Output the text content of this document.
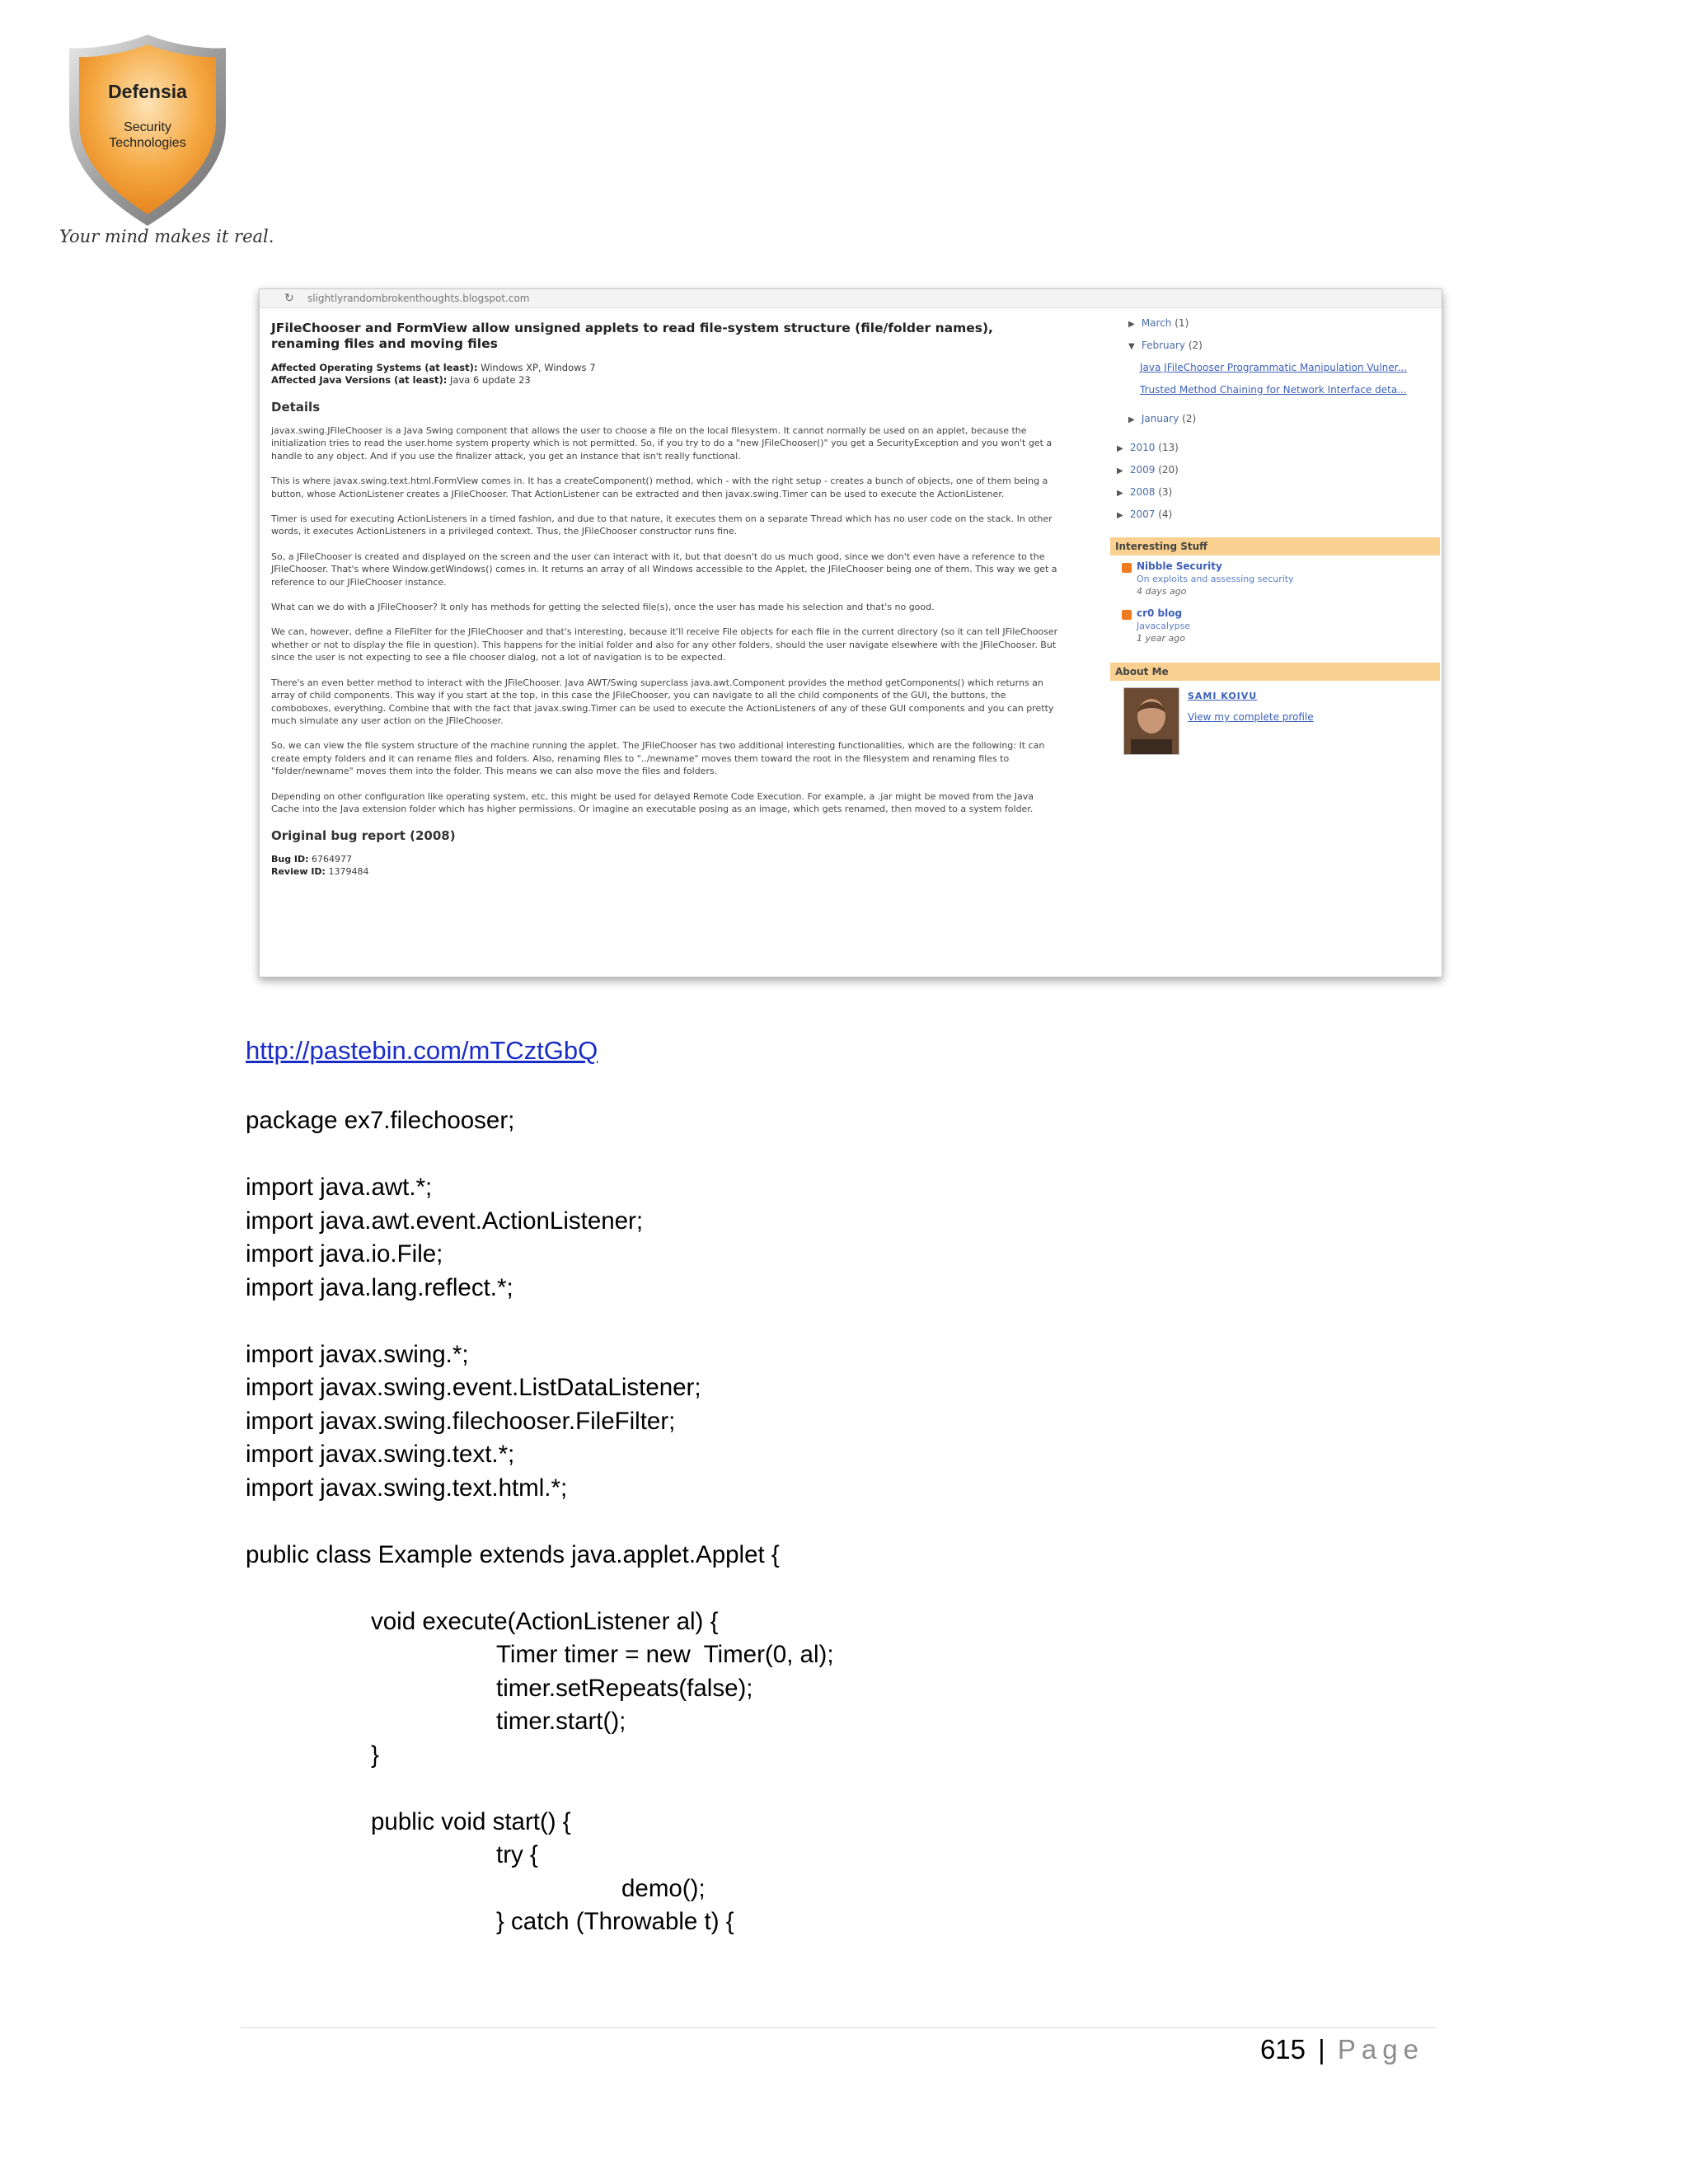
Defensia
Security
Technologies
Your mind makes it real.
↻ slightlyrandombrokenthoughts.blogspot.com

JFileChooser and FormView allow unsigned applets to read file-system structure (file/folder names), renaming files and moving files

Affected Operating Systems (at least): Windows XP, Windows 7
Affected Java Versions (at least): Java 6 update 23
Details

javax.swing.JFileChooser is a Java Swing component that allows the user to choose a file on the local filesystem. It cannot normally be used on an applet, because the initialization tries to read the user.home system property which is not permitted. So, if you try to do a "new JFileChooser()" you get a SecurityException and you won't get a handle to any object. And if you use the finalizer attack, you get an instance that isn't really functional.

This is where javax.swing.text.html.FormView comes in. It has a createComponent() method, which - with the right setup - creates a bunch of objects, one of them being a button, whose ActionListener creates a JFileChooser. That ActionListener can be extracted and then javax.swing.Timer can be used to execute the ActionListener.

Timer is used for executing ActionListeners in a timed fashion, and due to that nature, it executes them on a separate Thread which has no user code on the stack. In other words, it executes ActionListeners in a privileged context. Thus, the JFileChooser constructor runs fine.

So, a JFileChooser is created and displayed on the screen and the user can interact with it, but that doesn't do us much good, since we don't even have a reference to the JFileChooser. That's where Window.getWindows() comes in. It returns an array of all Windows accessible to the Applet, the JFileChooser being one of them. This way we get a reference to our JFileChooser instance.

What can we do with a JFileChooser? It only has methods for getting the selected file(s), once the user has made his selection and that's no good.

We can, however, define a FileFilter for the JFileChooser and that's interesting, because it'll receive File objects for each file in the current directory (so it can tell JFileChooser whether or not to display the file in question). This happens for the initial folder and also for any other folders, should the user navigate elsewhere with the JFileChooser. But since the user is not expecting to see a file chooser dialog, not a lot of navigation is to be expected.

There's an even better method to interact with the JFileChooser. Java AWT/Swing superclass java.awt.Component provides the method getComponents() which returns an array of child components. This way if you start at the top, in this case the JFileChooser, you can navigate to all the child components of the GUI, the buttons, the comboboxes, everything. Combine that with the fact that javax.swing.Timer can be used to execute the ActionListeners of any of these GUI components and you can pretty much simulate any user action on the JFileChooser.

So, we can view the file system structure of the machine running the applet. The JFileChooser has two additional interesting functionalities, which are the following: It can create empty folders and it can rename files and folders. Also, renaming files to "../newname" moves them toward the root in the filesystem and renaming files to "folder/newname" moves them into the folder. This means we can also move the files and folders.

Depending on other configuration like operating system, etc, this might be used for delayed Remote Code Execution. For example, a .jar might be moved from the Java Cache into the Java extension folder which has higher permissions. Or imagine an executable posing as an image, which gets renamed, then moved to a system folder.

Original bug report (2008)
Bug ID: 6764977
Review ID: 1379484
▶ March (1)
▼ February (2)
Java JFileChooser Programmatic Manipulation Vulner...
Trusted Method Chaining for Network Interface deta...
▶ January (2)
▶ 2010 (13)
▶ 2009 (20)
▶ 2008 (3)
▶ 2007 (4)
Interesting Stuff
Nibble Security
On exploits and assessing security
4 days ago
cr0 blog
Javacalypse
1 year ago
About Me
SAMI KOIVU
View my complete profile
http://pastebin.com/mTCztGbQ
package ex7.filechooser;
import java.awt.*;
import java.awt.event.ActionListener;
import java.io.File;
import java.lang.reflect.*;
import javax.swing.*;
import javax.swing.event.ListDataListener;
import javax.swing.filechooser.FileFilter;
import javax.swing.text.*;
import javax.swing.text.html.*;
public class Example extends java.applet.Applet {
void execute(ActionListener al) {
Timer timer = new  Timer(0, al);
timer.setRepeats(false);
timer.start();
}
public void start() {
try {
demo();
} catch (Throwable t) {
615 | Page
